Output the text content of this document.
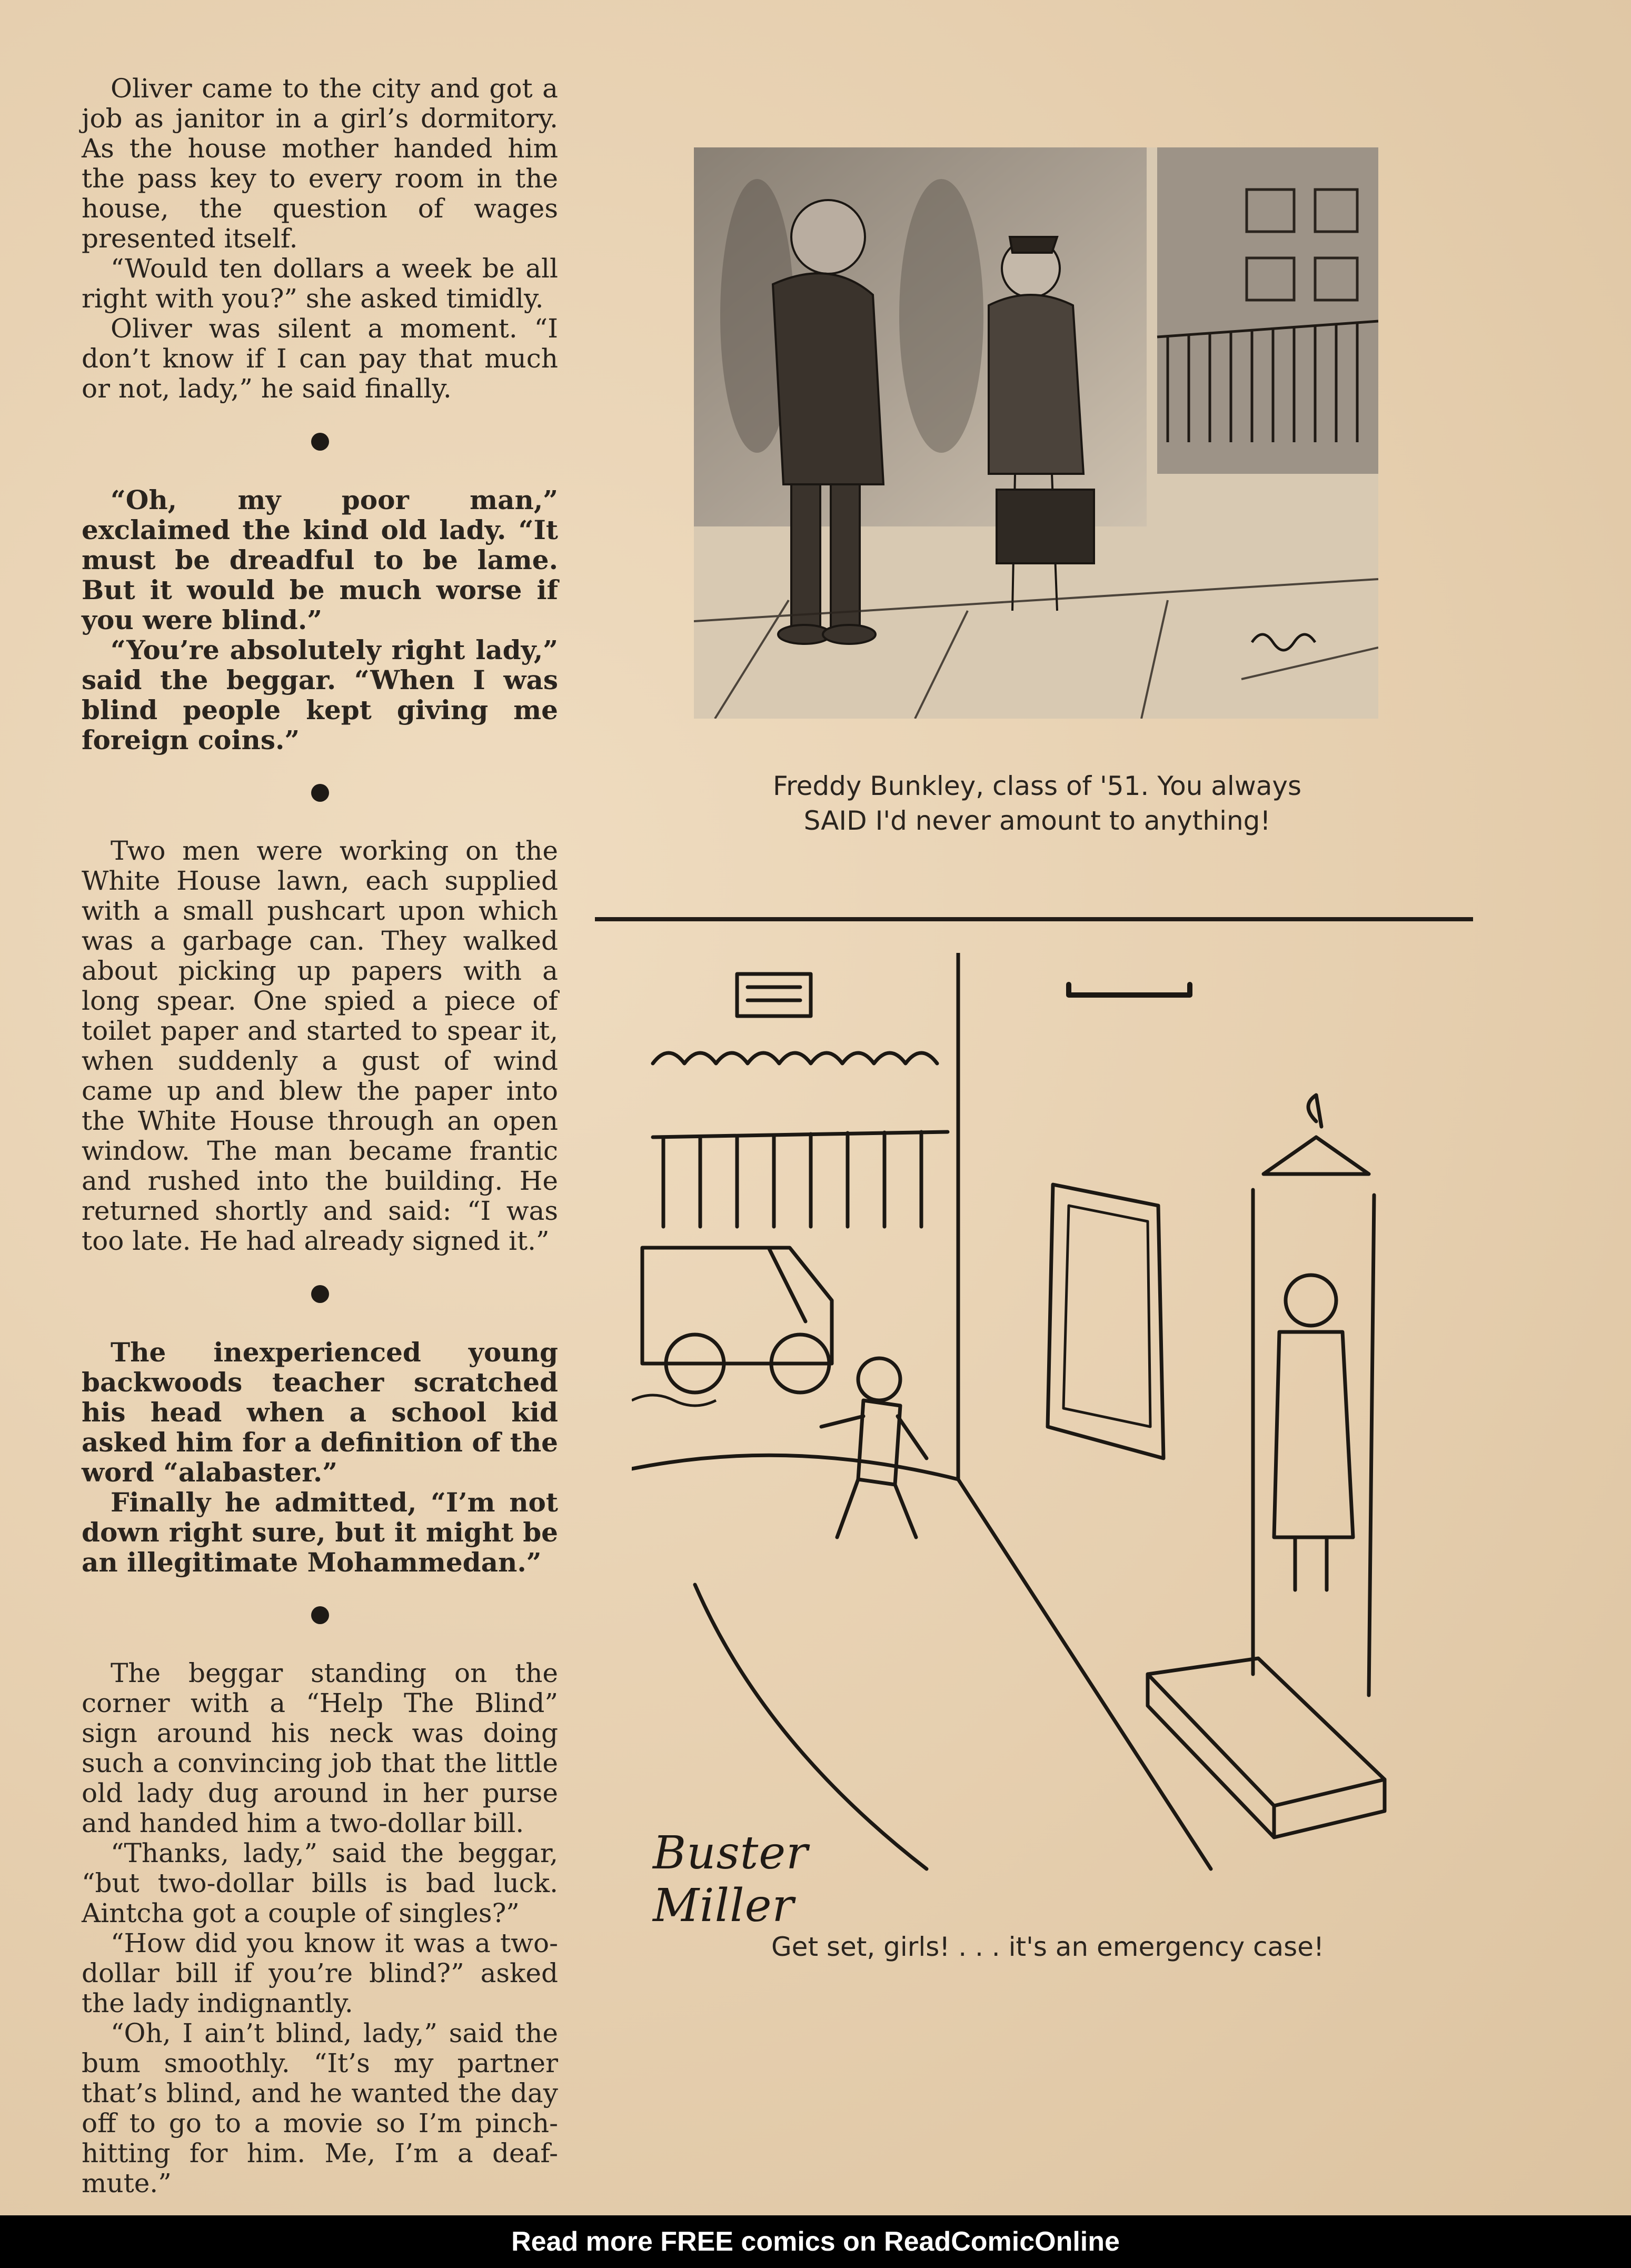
Oliver came to the city and got a job as janitor in a girl’s dormitory. As the house mother handed him the pass key to every room in the house, the question of wages presented itself.

“Would ten dollars a week be all right with you?” she asked timidly.

Oliver was silent a moment. “I don’t know if I can pay that much or not, lady,” he said finally.

“Oh, my poor man,” exclaimed the kind old lady. “It must be dreadful to be lame. But it would be much worse if you were blind.”

“You’re absolutely right lady,” said the beggar. “When I was blind people kept giving me foreign coins.”

Two men were working on the White House lawn, each supplied with a small pushcart upon which was a garbage can. They walked about picking up papers with a long spear. One spied a piece of toilet paper and started to spear it, when suddenly a gust of wind came up and blew the paper into the White House through an open window. The man became frantic and rushed into the building. He returned shortly and said: “I was too late. He had already signed it.”

The inexperienced young backwoods teacher scratched his head when a school kid asked him for a definition of the word “alabaster.”

Finally he admitted, “I’m not down right sure, but it might be an illegitimate Mohammedan.”

The beggar standing on the corner with a “Help The Blind” sign around his neck was doing such a convincing job that the little old lady dug around in her purse and handed him a two-dollar bill.

“Thanks, lady,” said the beggar, “but two-dollar bills is bad luck. Aintcha got a couple of singles?”

“How did you know it was a two-dollar bill if you’re blind?” asked the lady indignantly.

“Oh, I ain’t blind, lady,” said the bum smoothly. “It’s my partner that’s blind, and he wanted the day off to go to a movie so I’m pinch-hitting for him. Me, I’m a deaf-mute.”

Freddy Bunkley, class of '51. You always
SAID I'd never amount to anything!
Buster Miller
Get set, girls! . . . it's an emergency case!
Read more FREE comics on ReadComicOnline
